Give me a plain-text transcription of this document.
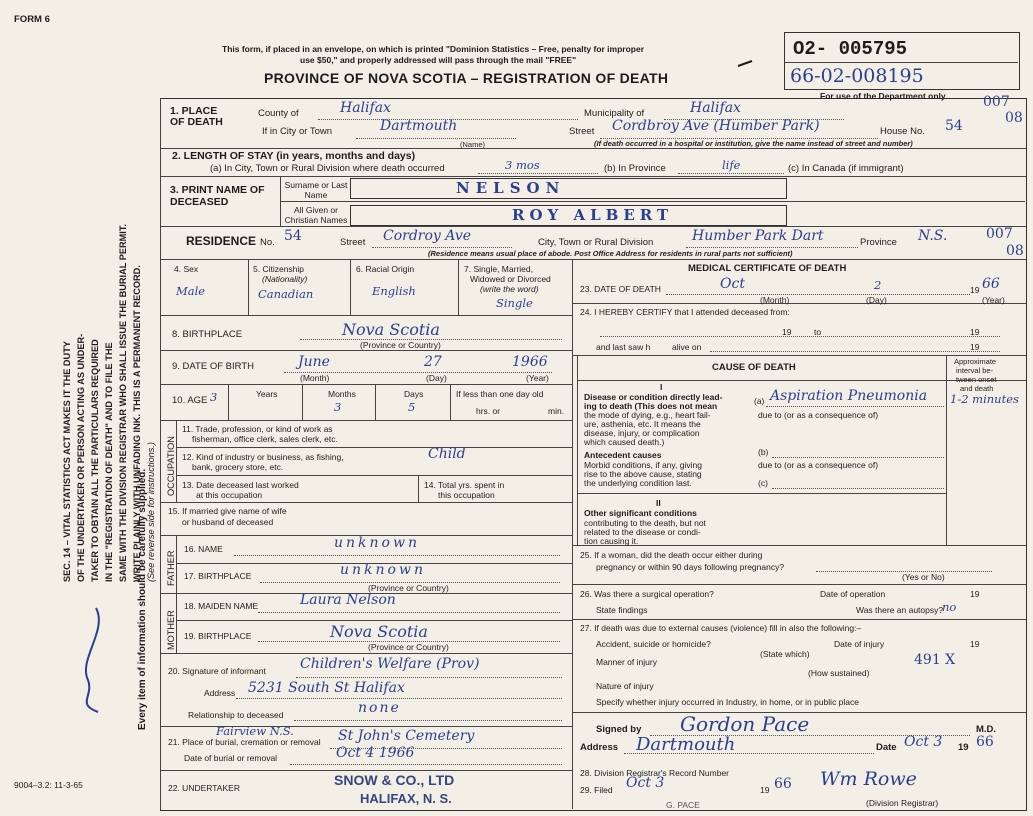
FORM 6
This form, if placed in an envelope, on which is printed "Dominion Statistics – Free, penalty for improper
use $50," and properly addressed will pass through the mail "FREE"
PROVINCE OF NOVA SCOTIA – REGISTRATION OF DEATH
O2- 005795
66-02-008195
For use of the Department only	007
08
007
08
SEC. 14 – VITAL STATISTICS ACT MAKES IT THE DUTY OF THE UNDERTAKER OR PERSON ACTING AS UNDER- TAKER TO OBTAIN ALL THE PARTICULARS REQUIRED IN THE "REGISTRATION OF DEATH" AND TO FILE THE SAME WITH THE DIVISION REGISTRAR WHO SHALL ISSUE THE BURIAL PERMIT. WRITE PLAINLY WITH UNFADING INK. THIS IS A PERMANENT RECORD. (See reverse side for instructions.)
Every item of information should be carefully supplied.
1. PLACE OF DEATH
County of	Halifax	Municipality of	Halifax
If in City or Town	Dartmouth
(Name)
Street Cordbroy Ave (Humber Park)	House No. 54
(If death occurred in a hospital or institution, give the name instead of street and number)
2. LENGTH OF STAY (in years, months and days)
(a) In City, Town or Rural Division where death occurred	3 mos	(b) In Province	life	(c) In Canada (if immigrant)
3. PRINT NAME OF DECEASED
Surname or Last Name	NELSON
All Given or Christian Names	ROY ALBERT
RESIDENCE No. 54	Street Cordroy Ave	City, Town or Rural Division	Humber Park Dart	Province N.S.
(Residence means usual place of abode. Post Office Address for residents in rural parts not sufficient)
4. Sex
Male
5. Citizenship
(Nationality)
Canadian
6. Racial Origin
English
7. Single, Married,
Widowed or Divorced
(write the word)
Single
8. BIRTHPLACE	Nova Scotia
(Province or Country)
9. DATE OF BIRTH	June	27	1966
(Month)	(Day)	(Year)
10. AGE 3	Years	Months
3
Days
5
If less than one day old
hrs. or	min.
OCCUPATION
11. Trade, profession, or kind of work as
fisherman, office clerk, sales clerk, etc.
12. Kind of industry or business, as fishing,
bank, grocery store, etc.
Child
13. Date deceased last worked
at this occupation
14. Total yrs. spent in
this occupation
15. If married give name of wife
or husband of deceased
FATHER
MOTHER
16. NAME	unknown
17. BIRTHPLACE	unknown
(Province or Country)
18. MAIDEN NAME	Laura Nelson
19. BIRTHPLACE	Nova Scotia
(Province or Country)
20. Signature of informant Children's Welfare (Prov)
Address 5231 South St Halifax
Relationship to deceased	none
Fairview N.S.
21. Place of burial, cremation or removal St John's Cemetery
Date of burial or removal	Oct 4 1966
9004–3.2: 11-3-65	22. UNDERTAKER	SNOW & CO., LTD
HALIFAX, N. S.
MEDICAL CERTIFICATE OF DEATH
23. DATE OF DEATH	Oct	2	19 66
(Month)	(Day)	(Year)
24. I HEREBY CERTIFY that I attended deceased from:
19	to	19
and last saw h	alive on	19
CAUSE OF DEATH
Approximate
interval be-
tween onset
and death
I
Disease or condition directly lead-
ing to death (This does not mean
the mode of dying, e.g., heart fail-
ure, asthenia, etc. It means the
disease, injury, or complication
which caused death.)
(a) Aspiration Pneumonia 1-2 minutes
due to (or as a consequence of)
Antecedent causes
Morbid conditions, if any, giving
rise to the above cause, stating
the underlying condition last.
(b)
due to (or as a consequence of)
(c)
II
Other significant conditions
contributing to the death, but not
related to the disease or condi-
tion causing it.
25. If a woman, did the death occur either during
pregnancy or within 90 days following pregnancy?
(Yes or No)
26. Was there a surgical operation?	Date of operation	19
State findings	Was there an autopsy?
no
27. If death was due to external causes (violence) fill in also the following:–
Accident, suicide or homicide?	Date of injury	19
(State which)
Manner of injury	491 X
(How sustained)
Nature of injury
Specify whether injury occurred in Industry, in home, or in public place
Signed by Gordon Pace	M.D.
Address Dartmouth	Date Oct 3 19 66
28. Division Registrar's Record Number
29. Filed Oct 3	19 66 Wm Rowe
(Division Registrar)
G. PACE
